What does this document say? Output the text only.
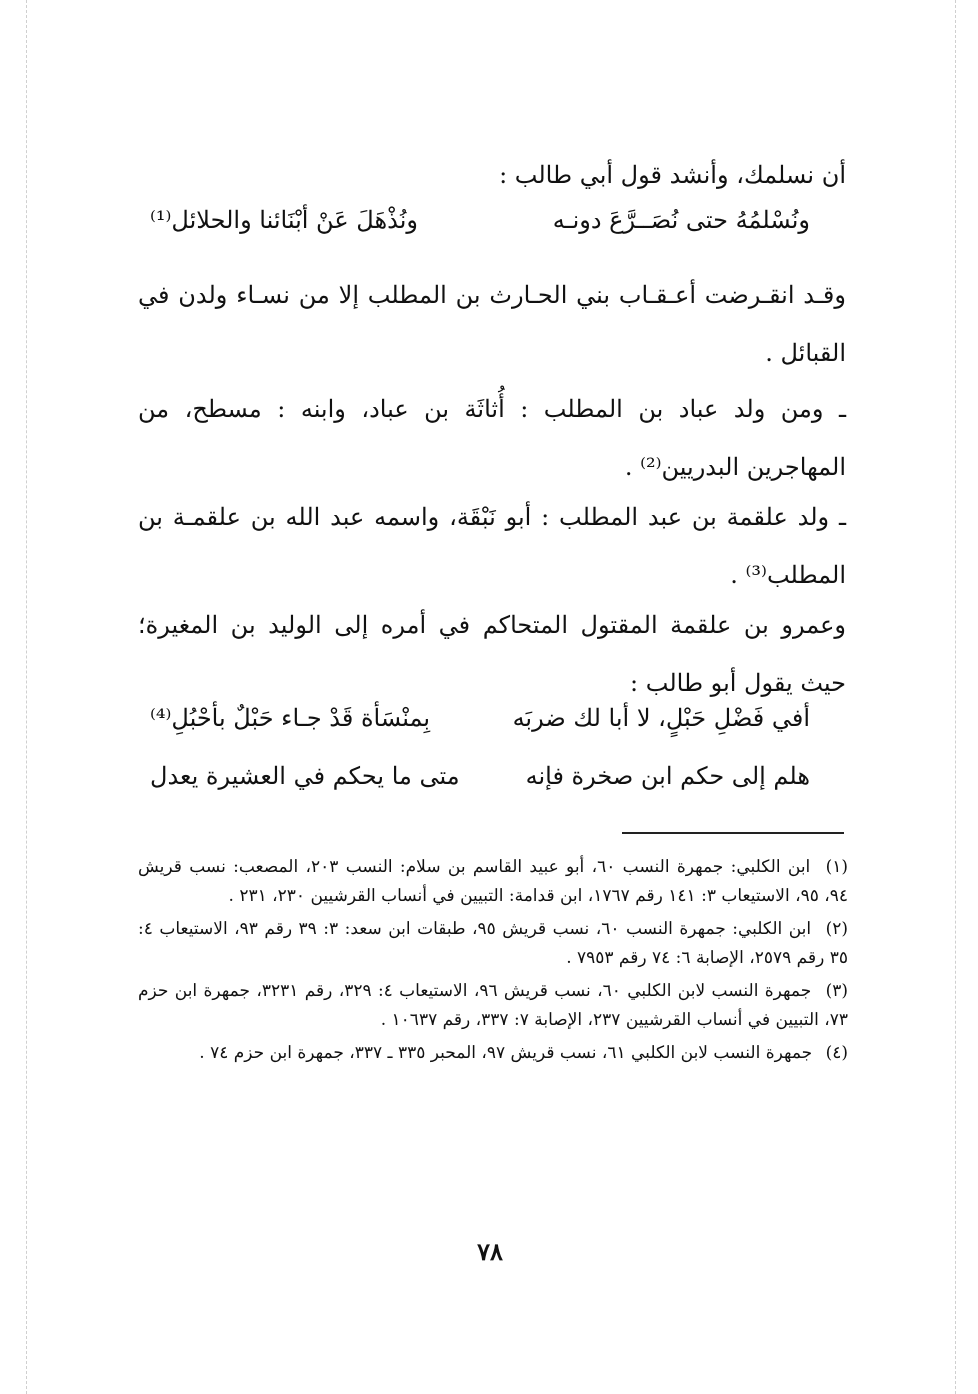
أن نسلمك، وأنشد قول أبي طالب :

ونُسْلمُهُ حتى نُصَــرَّعَ دونـه
ونُذْهَلَ عَنْ أبْنَائنا والحلائل⁽¹⁾

وقـد انقـرضت أعـقـاب بني الحـارث بن المطلب إلا من نسـاء ولدن في القبائل .

ـ ومن ولد عباد بن المطلب : أُثاثَة بن عباد، وابنه : مسطح، من المهاجرين البدريين⁽²⁾ .

ـ ولد علقمة بن عبد المطلب : أبو نَبْقَة، واسمه عبد الله بن علقمـة بن المطلب⁽³⁾ .

وعمرو بن علقمة المقتول المتحاكم في أمره إلى الوليد بن المغيرة؛ حيث يقول أبو طالب :

أفي فَضْلِ حَبْلٍ، لا أبا لك ضربَه
بِمنْسَأة قَدْ جـاء حَبْلٌ بأحْبُلِ⁽⁴⁾
هلم إلى حكم ابن صخرة فإنه
متى ما يحكم في العشيرة يعدل

(١) ابن الكلبي: جمهرة النسب ٦٠، أبو عبيد القاسم بن سلام: النسب ٢٠٣، المصعب: نسب قريش ٩٤، ٩٥، الاستيعاب ٣: ١٤١ رقم ١٧٦٧، ابن قدامة: التبيين في أنساب القرشيين ٢٣٠، ٢٣١ .

(٢) ابن الكلبي: جمهرة النسب ٦٠، نسب قريش ٩٥، طبقات ابن سعد: ٣: ٣٩ رقم ٩٣، الاستيعاب ٤: ٣٥ رقم ٢٥٧٩، الإصابة ٦: ٧٤ رقم ٧٩٥٣ .

(٣) جمهرة النسب لابن الكلبي ٦٠، نسب قريش ٩٦، الاستيعاب ٤: ٣٢٩، رقم ٣٢٣١، جمهرة ابن حزم ٧٣، التبيين في أنساب القرشيين ٢٣٧، الإصابة ٧: ٣٣٧، رقم ١٠٦٣٧ .

(٤) جمهرة النسب لابن الكلبي ٦١، نسب قريش ٩٧، المحبر ٣٣٥ ـ ٣٣٧، جمهرة ابن حزم ٧٤ .

٧٨
